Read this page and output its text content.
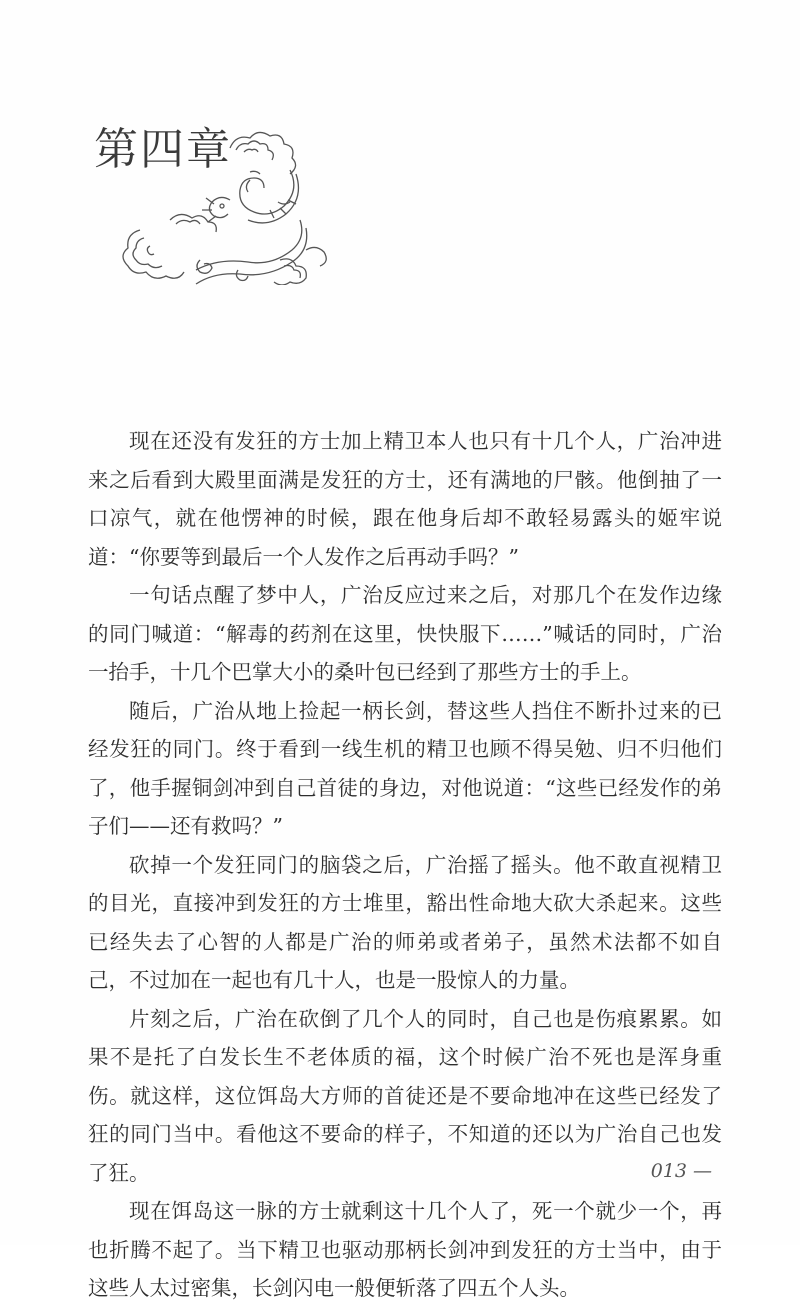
第四章

现在还没有发狂的方士加上精卫本人也只有十几个人，广治冲进来之后看到大殿里面满是发狂的方士，还有满地的尸骸。他倒抽了一口凉气，就在他愣神的时候，跟在他身后却不敢轻易露头的姬牢说道：“你要等到最后一个人发作之后再动手吗？”

一句话点醒了梦中人，广治反应过来之后，对那几个在发作边缘的同门喊道：“解毒的药剂在这里，快快服下……”喊话的同时，广治一抬手，十几个巴掌大小的桑叶包已经到了那些方士的手上。

随后，广治从地上捡起一柄长剑，替这些人挡住不断扑过来的已经发狂的同门。终于看到一线生机的精卫也顾不得吴勉、归不归他们了，他手握铜剑冲到自己首徒的身边，对他说道：“这些已经发作的弟子们——还有救吗？”

砍掉一个发狂同门的脑袋之后，广治摇了摇头。他不敢直视精卫的目光，直接冲到发狂的方士堆里，豁出性命地大砍大杀起来。这些已经失去了心智的人都是广治的师弟或者弟子，虽然术法都不如自己，不过加在一起也有几十人，也是一股惊人的力量。

片刻之后，广治在砍倒了几个人的同时，自己也是伤痕累累。如果不是托了白发长生不老体质的福，这个时候广治不死也是浑身重伤。就这样，这位饵岛大方师的首徒还是不要命地冲在这些已经发了狂的同门当中。看他这不要命的样子，不知道的还以为广治自己也发了狂。

现在饵岛这一脉的方士就剩这十几个人了，死一个就少一个，再也折腾不起了。当下精卫也驱动那柄长剑冲到发狂的方士当中，由于这些人太过密集，长剑闪电一般便斩落了四五个人头。

013 —
